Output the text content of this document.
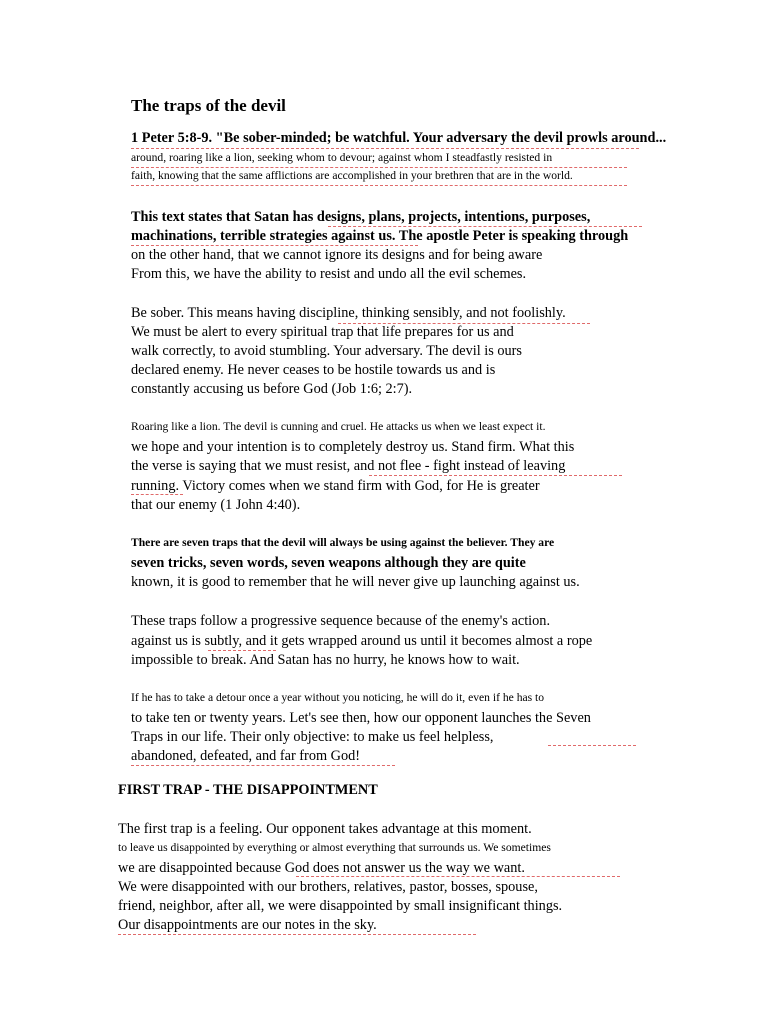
The traps of the devil
1 Peter 5:8-9. "Be sober-minded; be watchful. Your adversary the devil prowls around...
around, roaring like a lion, seeking whom to devour; against whom I steadfastly resisted in
faith, knowing that the same afflictions are accomplished in your brethren that are in the world.
This text states that Satan has designs, plans, projects, intentions, purposes,
machinations, terrible strategies against us. The apostle Peter is speaking through
on the other hand, that we cannot ignore its designs and for being aware
From this, we have the ability to resist and undo all the evil schemes.
Be sober. This means having discipline, thinking sensibly, and not foolishly.
We must be alert to every spiritual trap that life prepares for us and
walk correctly, to avoid stumbling. Your adversary. The devil is ours
declared enemy. He never ceases to be hostile towards us and is
constantly accusing us before God (Job 1:6; 2:7).
Roaring like a lion. The devil is cunning and cruel. He attacks us when we least expect it.
we hope and your intention is to completely destroy us. Stand firm. What this
the verse is saying that we must resist, and not flee - fight instead of leaving
running. Victory comes when we stand firm with God, for He is greater
that our enemy (1 John 4:40).
There are seven traps that the devil will always be using against the believer. They are
seven tricks, seven words, seven weapons although they are quite
known, it is good to remember that he will never give up launching against us.
These traps follow a progressive sequence because of the enemy's action.
against us is subtly, and it gets wrapped around us until it becomes almost a rope
impossible to break. And Satan has no hurry, he knows how to wait.
If he has to take a detour once a year without you noticing, he will do it, even if he has to
to take ten or twenty years. Let's see then, how our opponent launches the Seven
Traps in our life. Their only objective: to make us feel helpless,
abandoned, defeated, and far from God!
FIRST TRAP - THE DISAPPOINTMENT
The first trap is a feeling. Our opponent takes advantage at this moment.
to leave us disappointed by everything or almost everything that surrounds us. We sometimes
we are disappointed because God does not answer us the way we want.
We were disappointed with our brothers, relatives, pastor, bosses, spouse,
friend, neighbor, after all, we were disappointed by small insignificant things.
Our disappointments are our notes in the sky.
